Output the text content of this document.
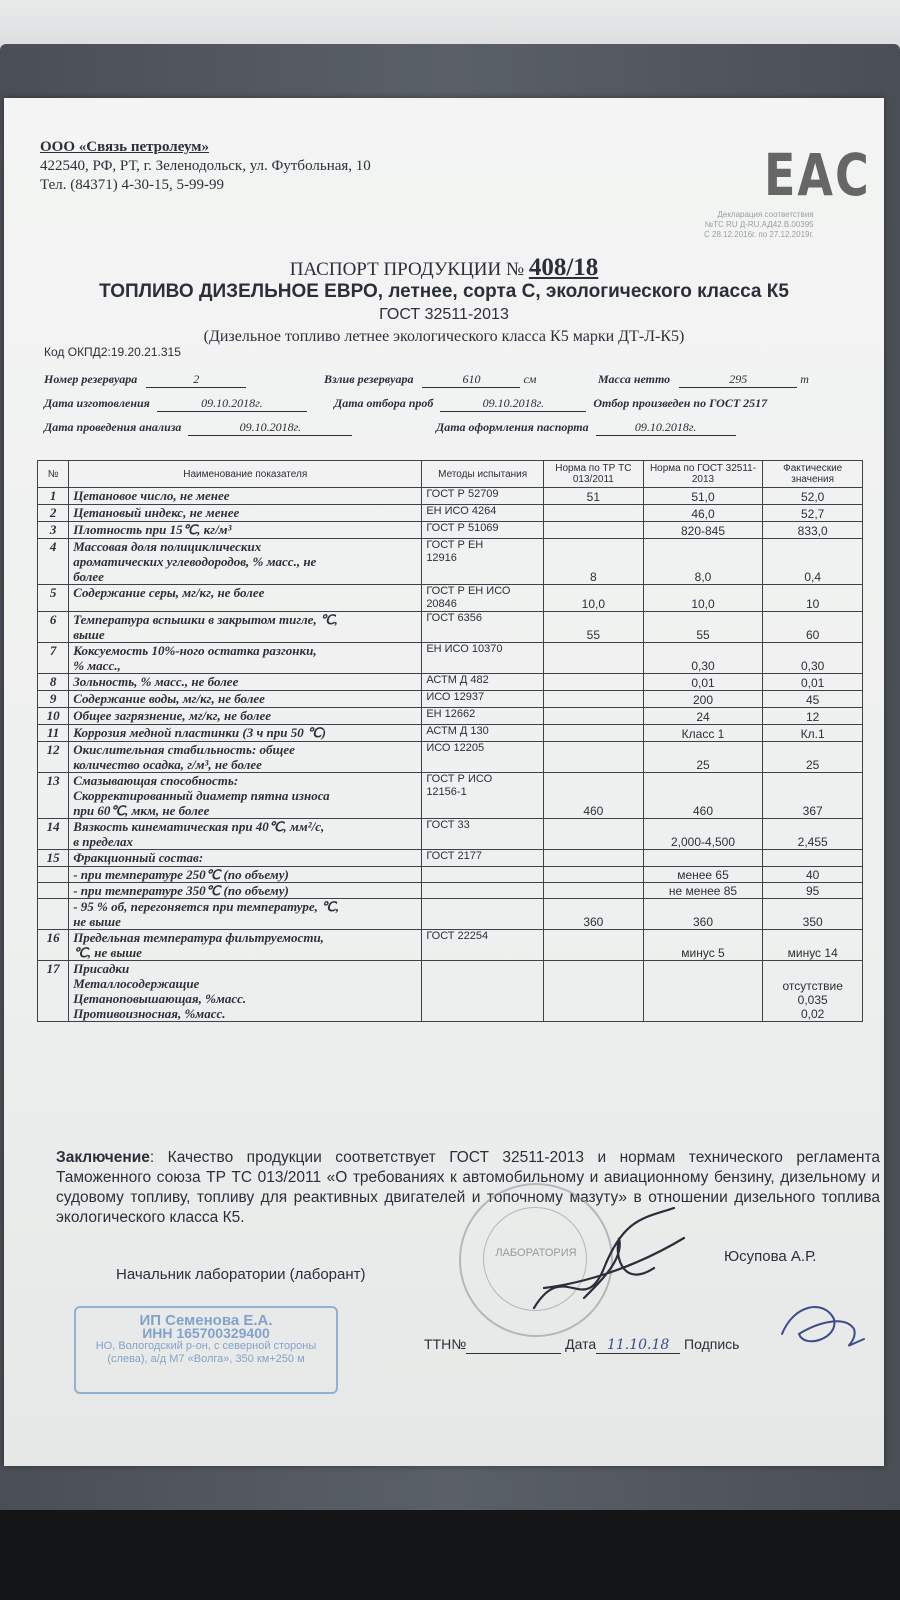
ООО «Связь петролеум»
422540, РФ, РТ, г. Зеленодольск, ул. Футбольная, 10
Тел. (84371) 4-30-15, 5-99-99	EAC
Декларация соответствия
№TC RU Д-RU.АД42.В.00395
С 28.12.2016г. по 27.12.2019г.
ПАСПОРТ ПРОДУКЦИИ № 408/18
ТОПЛИВО ДИЗЕЛЬНОЕ ЕВРО, летнее, сорта С, экологического класса К5
ГОСТ 32511-2013
(Дизельное топливо летнее экологического класса К5 марки ДТ-Л-К5)
Код ОКПД2:19.20.21.315
Номер резервуара	2	Взлив резервуара	610	см	Масса нетто	295	т
Дата изготовления	09.10.2018г.	Дата отбора проб	09.10.2018г.	Отбор произведен по ГОСТ 2517
Дата проведения анализа	09.10.2018г.	Дата оформления паспорта	09.10.2018г.
№	Наименование показателя	Методы испытания	Норма по ТР ТС 013/2011	Норма по ГОСТ 32511-2013	Фактические значения
1	Цетановое число, не менее	ГОСТ Р 52709	51	51,0	52,0
2	Цетановый индекс, не менее	ЕН ИСО 4264		46,0	52,7
3	Плотность при 15℃, кг/м³	ГОСТ Р 51069		820-845	833,0
4	Массовая доля полициклических
ароматических углеводородов, % масс., не
более	ГОСТ Р ЕН
12916	8	8,0	0,4
5	Содержание серы, мг/кг, не более	ГОСТ Р ЕН ИСО
20846	10,0	10,0	10
6	Температура вспышки в закрытом тигле, ℃,
выше	ГОСТ 6356	55	55	60
7	Коксуемость 10%-ного остатка разгонки,
% масс.,	ЕН ИСО 10370		0,30	0,30
8	Зольность, % масс., не более	АСТМ Д 482		0,01	0,01
9	Содержание воды, мг/кг, не более	ИСО 12937		200	45
10	Общее загрязнение, мг/кг, не более	ЕН 12662		24	12
11	Коррозия медной пластинки (3 ч при 50 ℃)	АСТМ Д 130		Класс 1	Кл.1
12	Окислительная стабильность: общее
количество осадка, г/м³, не более	ИСО 12205		25	25
13	Смазывающая способность:
Скорректированный диаметр пятна износа
при 60℃, мкм, не более	ГОСТ Р ИСО
12156-1	460	460	367
14	Вязкость кинематическая при 40℃, мм²/с,
в пределах	ГОСТ 33		2,000-4,500	2,455
15	Фракционный состав:	ГОСТ 2177			
	- при температуре 250℃ (по объему)			менее 65	40
	- при температуре 350℃ (по объему)			не менее 85	95
	- 95 % об, перегоняется при температуре, ℃,
не выше		360	360	350
16	Предельная температура фильтруемости,
℃, не выше	ГОСТ 22254		минус 5	минус 14
17	Присадки
Металлосодержащие
Цетаноповышающая, %масс.
Противоизносная, %масс.				отсутствие
0,035
0,02
Заключение: Качество продукции соответствует ГОСТ 32511-2013 и нормам технического регламента Таможенного союза ТР ТС 013/2011 «О требованиях к автомобильному и авиационному бензину, дизельному и судовому топливу, топливу для реактивных двигателей и топочному мазуту» в отношении дизельного топлива экологического класса К5.
ЛАБОРАТОРИЯ	Юсупова А.Р.
Начальник лаборатории (лаборант)
ИП Семенова Е.А.
ИНН 165700329400
НО, Вологодский р-он, с северной стороны
(слева), а/д М7 «Волга», 350 км+250 м
ТТН№	Дата 11.10.18 Подпись
